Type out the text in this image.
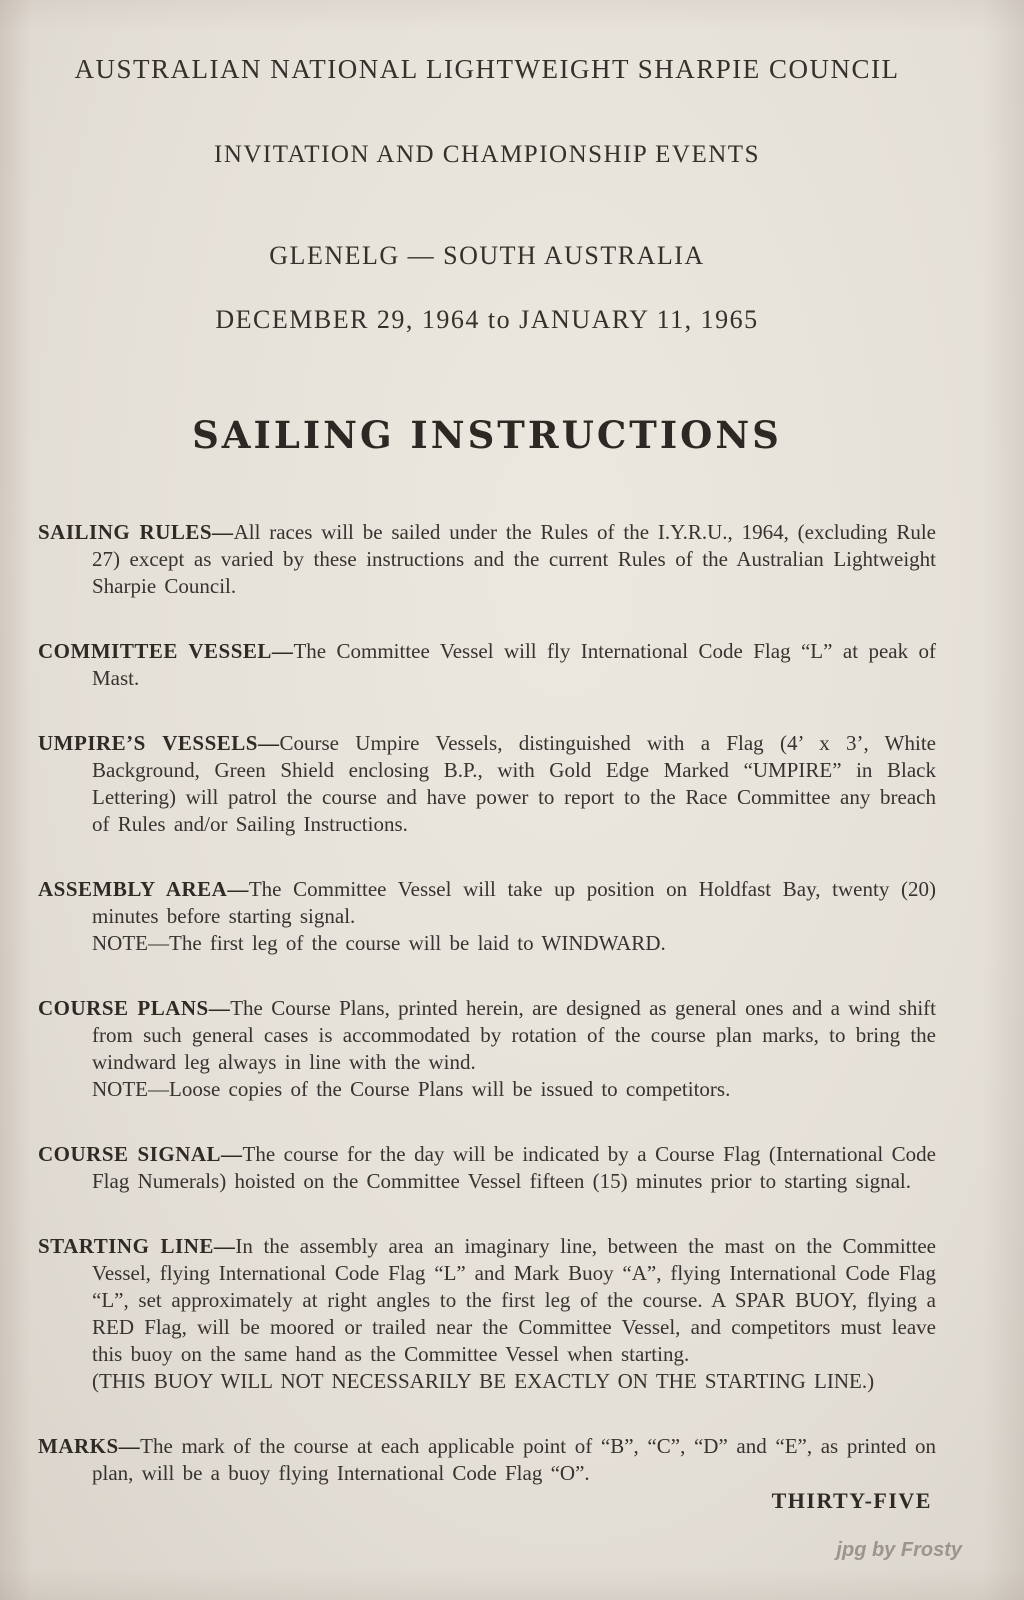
AUSTRALIAN NATIONAL LIGHTWEIGHT SHARPIE COUNCIL
INVITATION AND CHAMPIONSHIP EVENTS
GLENELG — SOUTH AUSTRALIA
DECEMBER 29, 1964 to JANUARY 11, 1965
SAILING INSTRUCTIONS

SAILING RULES—All races will be sailed under the Rules of the I.Y.R.U., 1964, (excluding Rule 27) except as varied by these instructions and the current Rules of the Australian Lightweight Sharpie Council.

COMMITTEE VESSEL—The Committee Vessel will fly International Code Flag “L” at peak of Mast.

UMPIRE’S VESSELS—Course Umpire Vessels, distinguished with a Flag (4’ x 3’, White Background, Green Shield enclosing B.P., with Gold Edge Marked “UMPIRE” in Black Lettering) will patrol the course and have power to report to the Race Committee any breach of Rules and/or Sailing Instructions.

ASSEMBLY AREA—The Committee Vessel will take up position on Holdfast Bay, twenty (20) minutes before starting signal.

NOTE—The first leg of the course will be laid to WINDWARD.

COURSE PLANS—The Course Plans, printed herein, are designed as general ones and a wind shift from such general cases is accommodated by rotation of the course plan marks, to bring the windward leg always in line with the wind.

NOTE—Loose copies of the Course Plans will be issued to competitors.

COURSE SIGNAL—The course for the day will be indicated by a Course Flag (International Code Flag Numerals) hoisted on the Committee Vessel fifteen (15) minutes prior to starting signal.

STARTING LINE—In the assembly area an imaginary line, between the mast on the Committee Vessel, flying International Code Flag “L” and Mark Buoy “A”, flying International Code Flag “L”, set approximately at right angles to the first leg of the course. A SPAR BUOY, flying a RED Flag, will be moored or trailed near the Committee Vessel, and competitors must leave this buoy on the same hand as the Committee Vessel when starting.

(THIS BUOY WILL NOT NECESSARILY BE EXACTLY ON THE STARTING LINE.)

MARKS—The mark of the course at each applicable point of “B”, “C”, “D” and “E”, as printed on plan, will be a buoy flying International Code Flag “O”.

THIRTY-FIVE
jpg by Frosty
